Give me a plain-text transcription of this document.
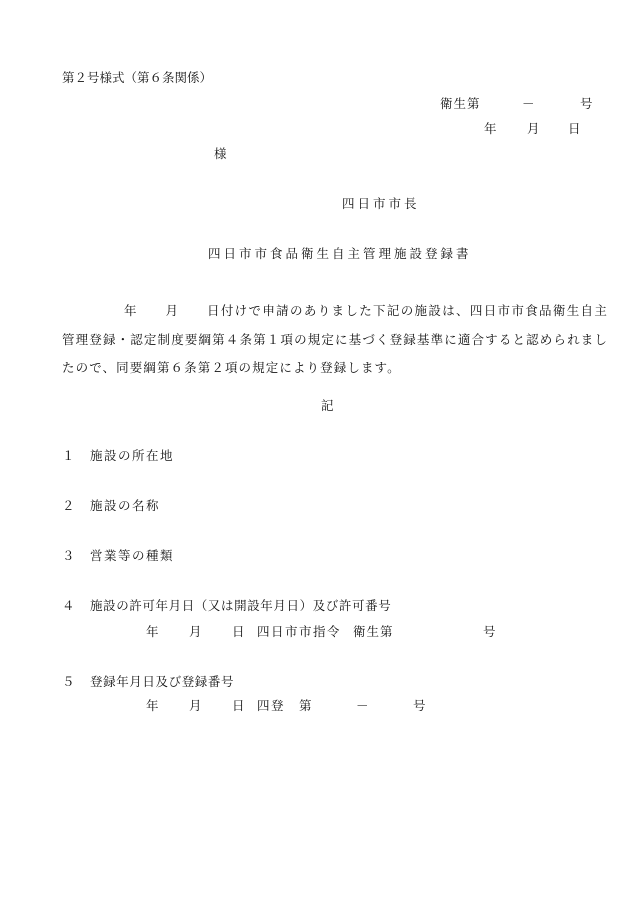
第２号様式（第６条関係）
衛生第	－	号
年 月 日
様
四日市市長
四日市市食品衛生自主管理施設登録書
年　　月　　日付けで申請のありました下記の施設は、四日市市食品衛生自主管理登録・認定制度要綱第４条第１項の規定に基づく登録基準に適合すると認められましたので、同要綱第６条第２項の規定により登録します。
記
１ 施設の所在地
２ 施設の名称
３ 営業等の種類
４ 施設の許可年月日（又は開設年月日）及び許可番号
年 月 日 四日市市指令 衛生第	号
５ 登録年月日及び登録番号
年 月 日 四登 第	－	号
